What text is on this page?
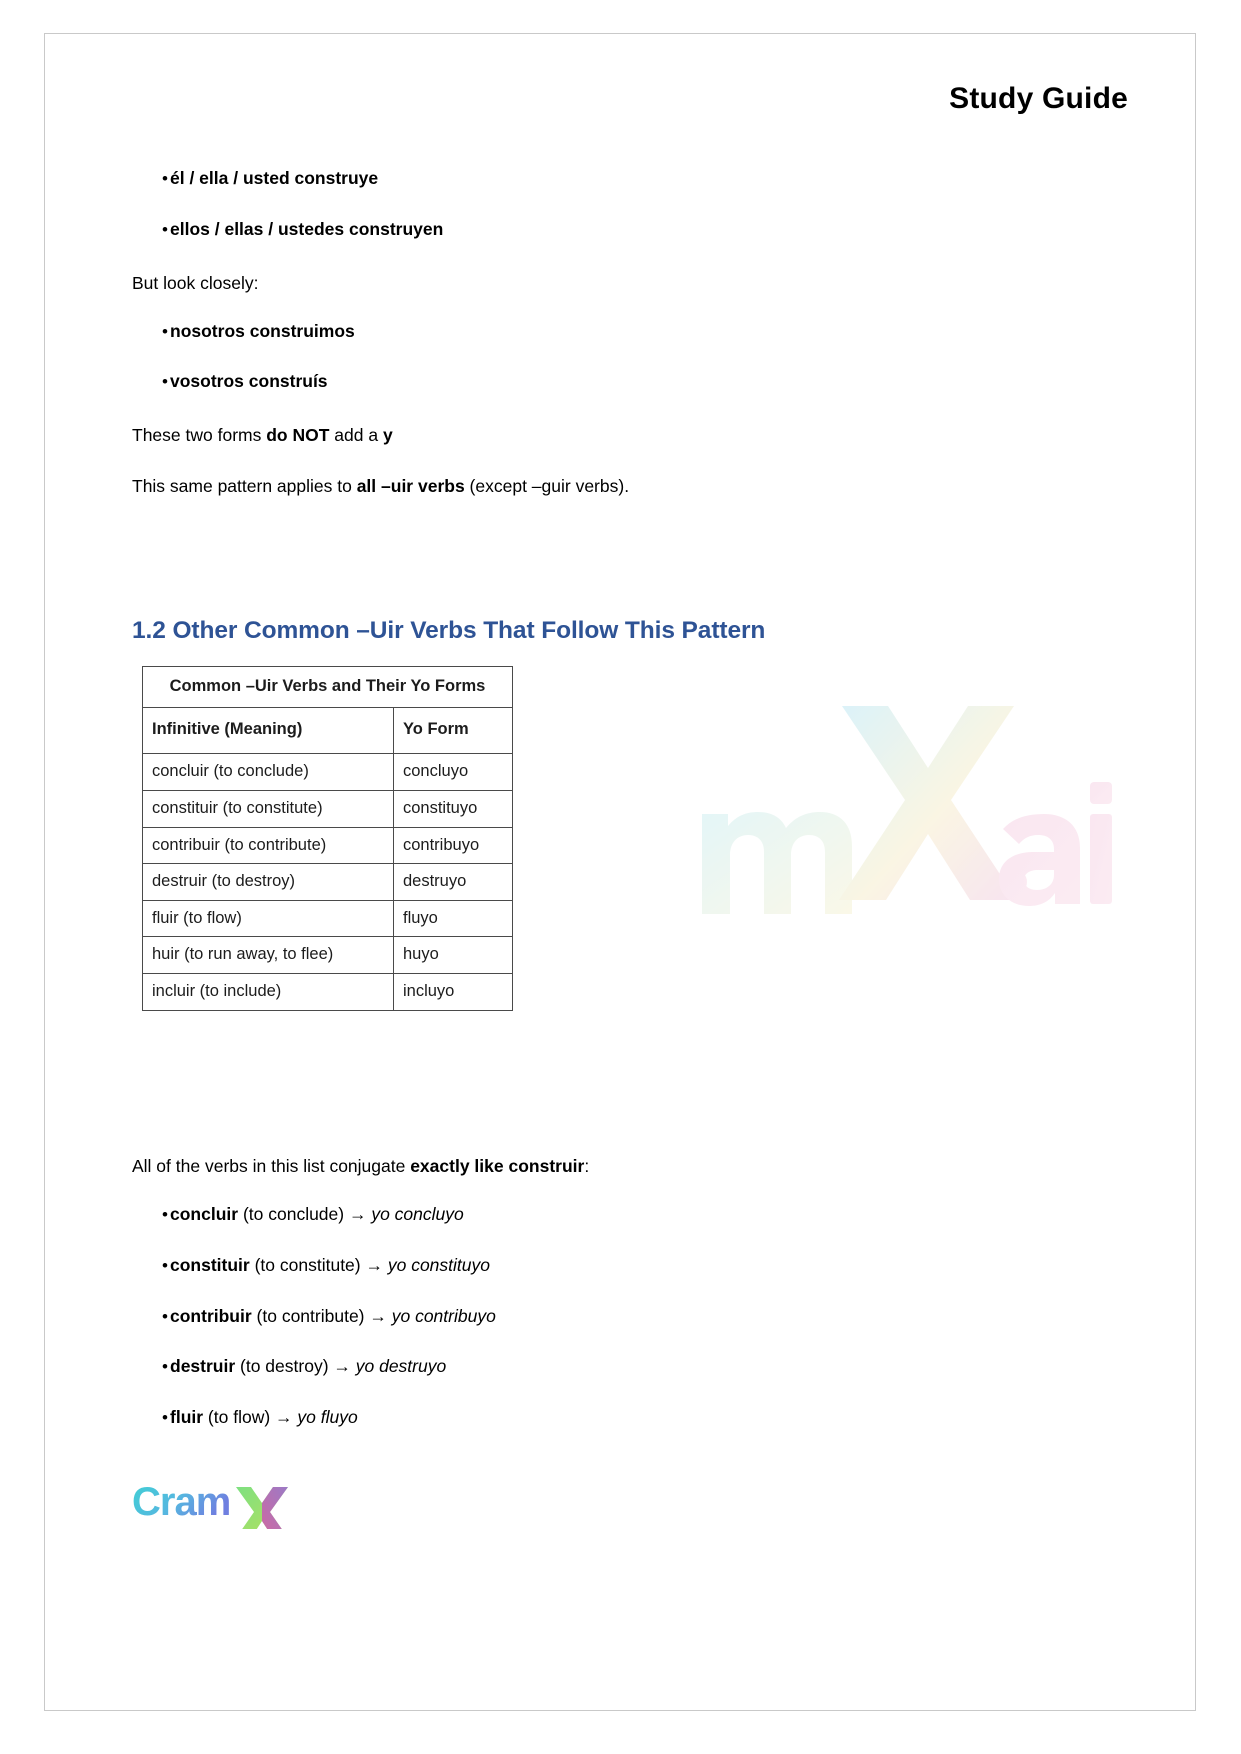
Study Guide
• él / ella / usted construye
• ellos / ellas / ustedes construyen
But look closely:
• nosotros construimos
• vosotros construís
These two forms do NOT add a y
This same pattern applies to all –uir verbs (except –guir verbs).
1.2 Other Common –Uir Verbs That Follow This Pattern
Common –Uir Verbs and Their Yo Forms	
Infinitive (Meaning)	Yo Form
concluir (to conclude)	concluyo
constituir (to constitute)	constituyo
contribuir (to contribute)	contribuyo
destruir (to destroy)	destruyo
fluir (to flow)	fluyo
huir (to run away, to flee)	huyo
incluir (to include)	incluyo
All of the verbs in this list conjugate exactly like construir:
• concluir (to conclude) → yo concluyo
• constituir (to constitute) → yo constituyo
• contribuir (to contribute) → yo contribuyo
• destruir (to destroy) → yo destruyo
• fluir (to flow) → yo fluyo
Cram
